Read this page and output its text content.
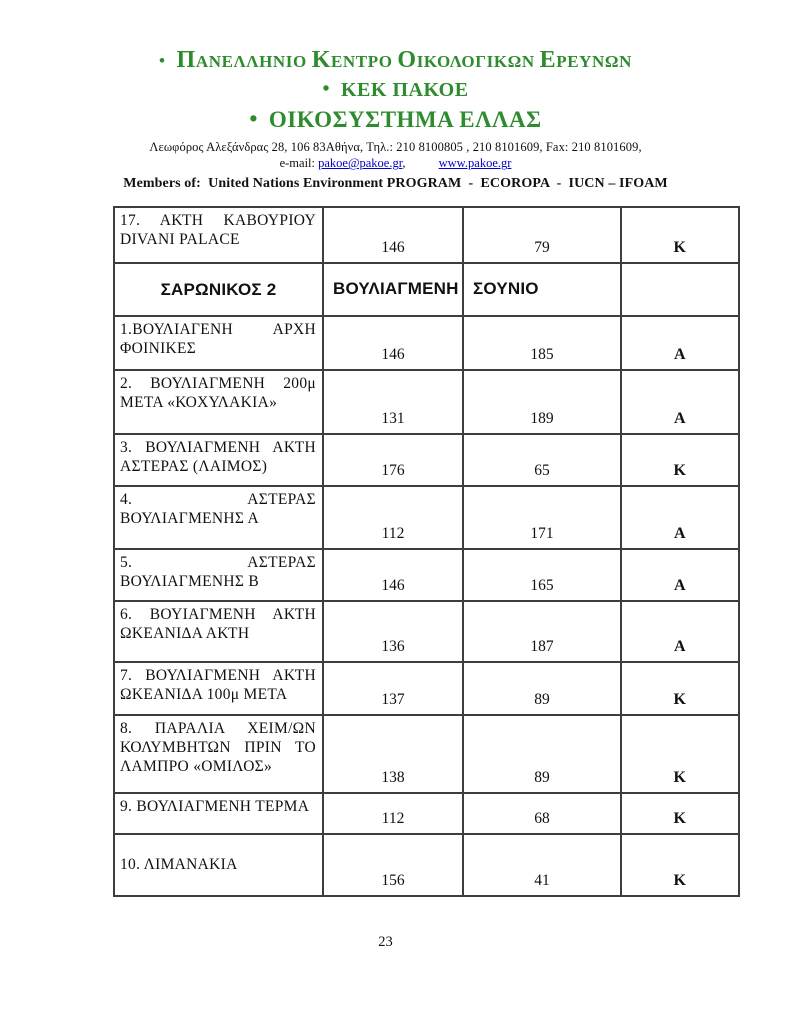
• ΠΑΝΕΛΛΗΝΙΟ ΚΕΝΤΡΟ ΟΙΚΟΛΟΓΙΚΩΝ ΕΡΕΥΝΩΝ
• ΚΕΚ ΠΑΚΟΕ
• ΟΙΚΟΣΥΣΤΗΜΑ ΕΛΛΑΣ
Λεωφόρος Αλεξάνδρας 28, 106 83Αθήνα, Τηλ.: 210 8100805 , 210 8101609, Fax: 210 8101609,
e-mail: pakoe@pakoe.gr,	www.pakoe.gr
Members of:  United Nations Environment PROGRAM  -  ECOROPA  -  IUCN – IFOAM
17. ΑΚΤΗ ΚΑΒΟΥΡΙΟΥ DIVANI PALACE	146	79	Κ
ΣΑΡΩΝΙΚΟΣ 2	ΒΟΥΛΙΑΓΜΕΝΗ	ΣΟΥΝΙΟ	
1.ΒΟΥΛΙΑΓΕΝΗ ΑΡΧΗ ΦΟΙΝΙΚΕΣ	146	185	Α
2. ΒΟΥΛΙΑΓΜΕΝΗ 200μ ΜΕΤΑ «ΚΟΧΥΛΑΚΙΑ»	131	189	Α
3. ΒΟΥΛΙΑΓΜΕΝΗ ΑΚΤΗ ΑΣΤΕΡΑΣ (ΛΑΙΜΟΣ)	176	65	Κ
4. ΑΣΤΕΡΑΣ ΒΟΥΛΙΑΓΜΕΝΗΣ Α	112	171	Α
5. ΑΣΤΕΡΑΣ ΒΟΥΛΙΑΓΜΕΝΗΣ Β	146	165	Α
6. ΒΟΥΙΑΓΜΕΝΗ ΑΚΤΗ ΩΚΕΑΝΙΔΑ ΑΚΤΗ	136	187	Α
7. ΒΟΥΛΙΑΓΜΕΝΗ ΑΚΤΗ ΩΚΕΑΝΙΔΑ 100μ ΜΕΤΑ	137	89	Κ
8. ΠΑΡΑΛΙΑ ΧΕΙΜ/ΩΝ ΚΟΛΥΜΒΗΤΩΝ ΠΡΙΝ ΤΟ ΛΑΜΠΡΟ «ΟΜΙΛΟΣ»	138	89	Κ
9. ΒΟΥΛΙΑΓΜΕΝΗ ΤΕΡΜΑ	112	68	Κ
10. ΛΙΜΑΝΑΚΙΑ	156	41	Κ
23
